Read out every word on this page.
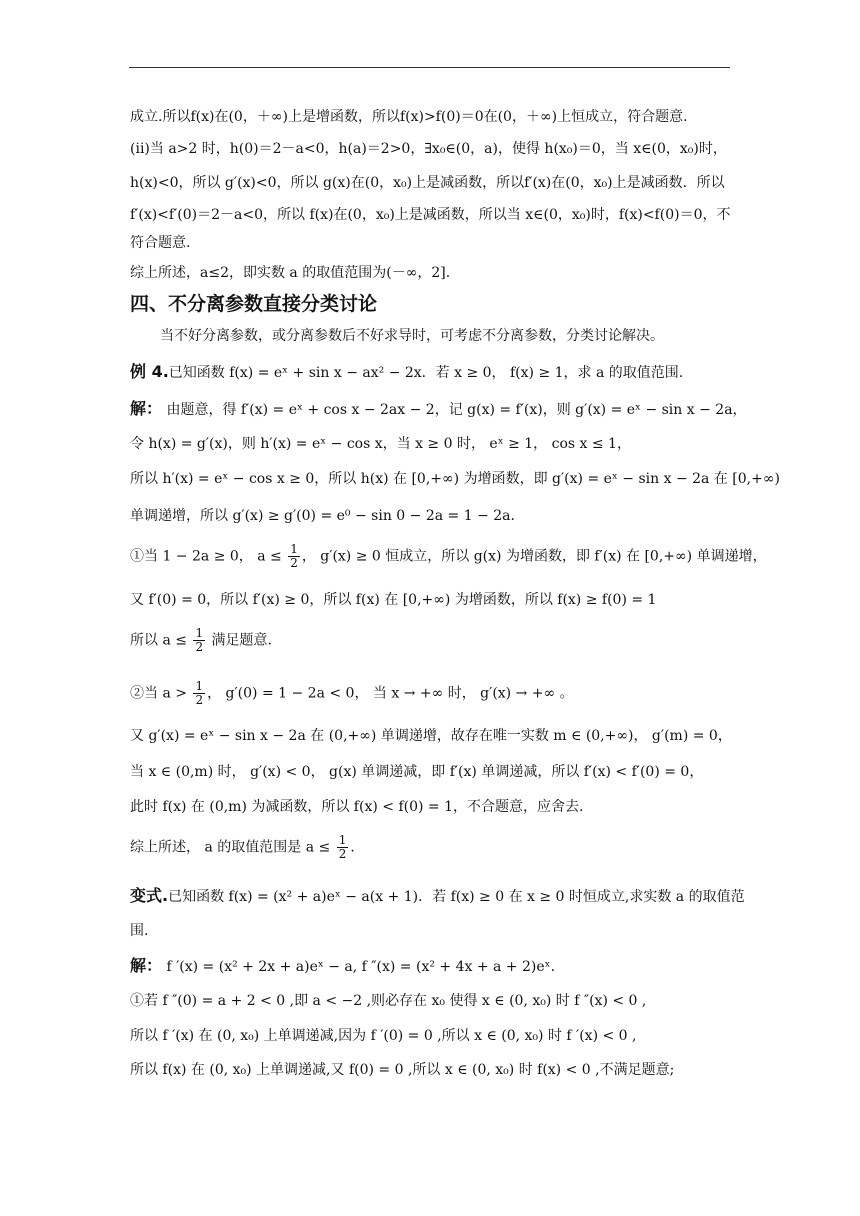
成立.所以f(x)在(0，＋∞)上是增函数，所以f(x)>f(0)＝0在(0，＋∞)上恒成立，符合题意.
(ii)当 a>2 时，h(0)＝2－a<0，h(a)＝2>0，∃x₀∈(0，a)，使得 h(x₀)＝0，当 x∈(0，x₀)时，
h(x)<0，所以 g′(x)<0，所以 g(x)在(0，x₀)上是减函数，所以f′(x)在(0，x₀)上是减函数．所以
f′(x)<f′(0)＝2－a<0，所以 f(x)在(0，x₀)上是减函数，所以当 x∈(0，x₀)时，f(x)<f(0)＝0，不
符合题意.
综上所述，a≤2，即实数 a 的取值范围为(－∞，2].
四、不分离参数直接分类讨论
当不好分离参数，或分离参数后不好求导时，可考虑不分离参数，分类讨论解决。
例 4.已知函数 f(x) = eˣ + sin x − ax² − 2x．若 x ≥ 0， f(x) ≥ 1，求 a 的取值范围.
解： 由题意，得 f′(x) = eˣ + cos x − 2ax − 2，记 g(x) = f′(x)，则 g′(x) = eˣ − sin x − 2a，
令 h(x) = g′(x)，则 h′(x) = eˣ − cos x，当 x ≥ 0 时， eˣ ≥ 1， cos x ≤ 1，
所以 h′(x) = eˣ − cos x ≥ 0，所以 h(x) 在 [0,+∞) 为增函数，即 g′(x) = eˣ − sin x − 2a 在 [0,+∞)
单调递增，所以 g′(x) ≥ g′(0) = e⁰ − sin 0 − 2a = 1 − 2a．
①当 1 − 2a ≥ 0， $a \le \frac{1}{2}$ ， g′(x) ≥ 0 恒成立，所以 g(x) 为增函数，即 f′(x) 在 [0,+∞) 单调递增，
又 f′(0) = 0，所以 f′(x) ≥ 0，所以 f(x) 在 [0,+∞) 为增函数，所以 f(x) ≥ f(0) = 1
所以 $a \le \frac{1}{2}$ 满足题意.
②当 $a > \frac{1}{2}$ ， g′(0) = 1 − 2a < 0， 当 x → +∞ 时， g′(x) → +∞ 。
又 g′(x) = eˣ − sin x − 2a 在 (0,+∞) 单调递增，故存在唯一实数 m ∈ (0,+∞)， g′(m) = 0，
当 x ∈ (0,m) 时， g′(x) < 0， g(x) 单调递减，即 f′(x) 单调递减，所以 f′(x) < f′(0) = 0，
此时 f(x) 在 (0,m) 为减函数，所以 f(x) < f(0) = 1，不合题意，应舍去.
综上所述， a 的取值范围是 $a \le \frac{1}{2}$ ．
变式.已知函数 f(x) = (x² + a)eˣ − a(x + 1)．若 f(x) ≥ 0 在 x ≥ 0 时恒成立,求实数 a 的取值范
围.
解： f ′(x) = (x² + 2x + a)eˣ − a, f ″(x) = (x² + 4x + a + 2)eˣ．
①若 f ″(0) = a + 2 < 0 ,即 a < −2 ,则必存在 x₀ 使得 x ∈ (0, x₀) 时 f ″(x) < 0 ,
所以 f ′(x) 在 (0, x₀) 上单调递减,因为 f ′(0) = 0 ,所以 x ∈ (0, x₀) 时 f ′(x) < 0 ,
所以 f(x) 在 (0, x₀) 上单调递减,又 f(0) = 0 ,所以 x ∈ (0, x₀) 时 f(x) < 0 ,不满足题意;
